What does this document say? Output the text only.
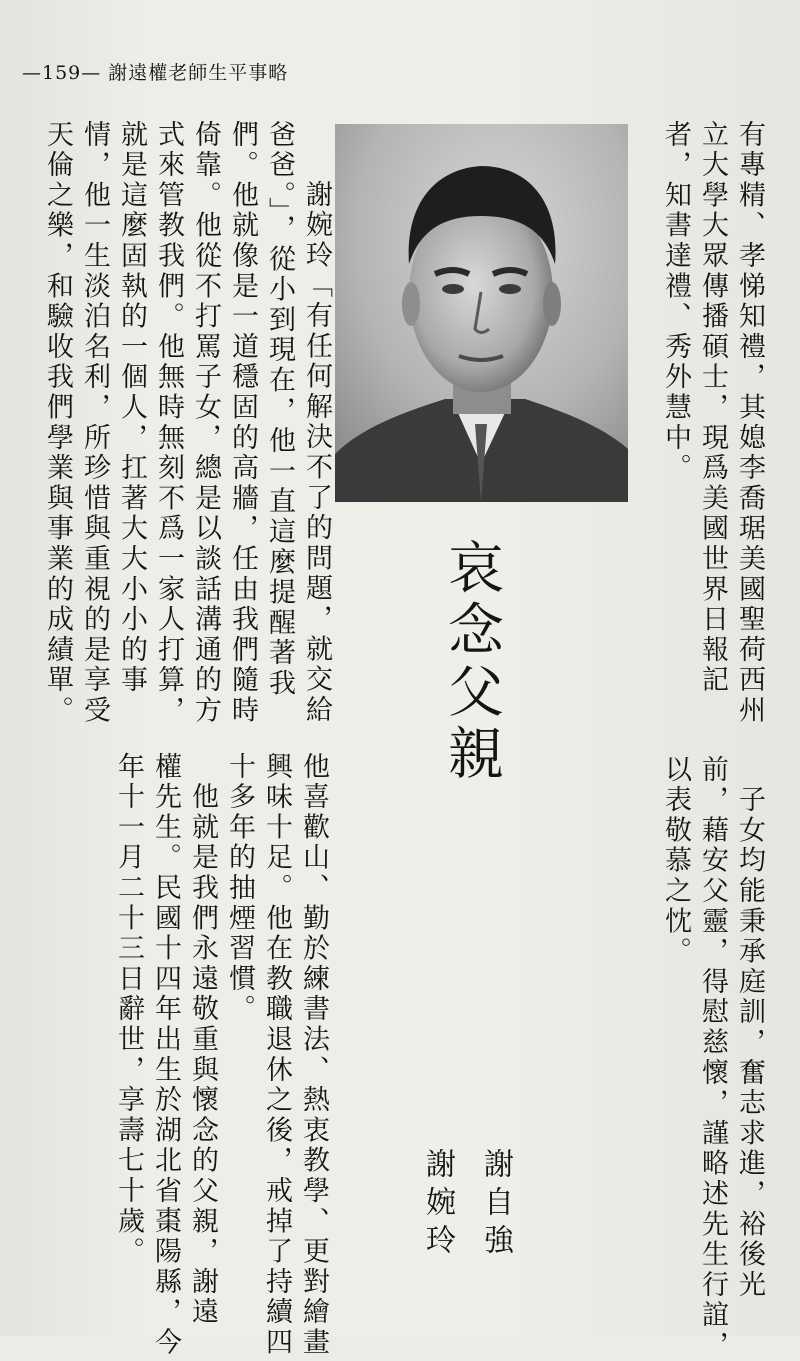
—159— 謝遠權老師生平事略
有專精、孝悌知禮，其媳李喬琚美國聖荷西州
立大學大眾傳播碩士，現爲美國世界日報記
者，知書達禮、秀外慧中。
　子女均能秉承庭訓，奮志求進，裕後光
前，藉安父靈，得慰慈懷，謹略述先生行誼，
以表敬慕之忱。
哀念父親
謝自強
謝婉玲
他喜歡山、勤於練書法、熱衷教學、更對繪畫
興味十足。他在教職退休之後，戒掉了持續四
十多年的抽煙習慣。
　他就是我們永遠敬重與懷念的父親，謝遠
權先生。民國十四年出生於湖北省棗陽縣，今
年十一月二十三日辭世，享壽七十歲。
謝婉玲「有任何解決不了的問題，就交給
爸爸。」，從小到現在，他一直這麼提醒著我
們。他就像是一道穩固的高牆，任由我們隨時
倚靠。他從不打罵子女，總是以談話溝通的方
式來管教我們。他無時無刻不爲一家人打算，
就是這麼固執的一個人，扛著大大小小的事
情，他一生淡泊名利，所珍惜與重視的是享受
天倫之樂，和驗收我們學業與事業的成績單。
